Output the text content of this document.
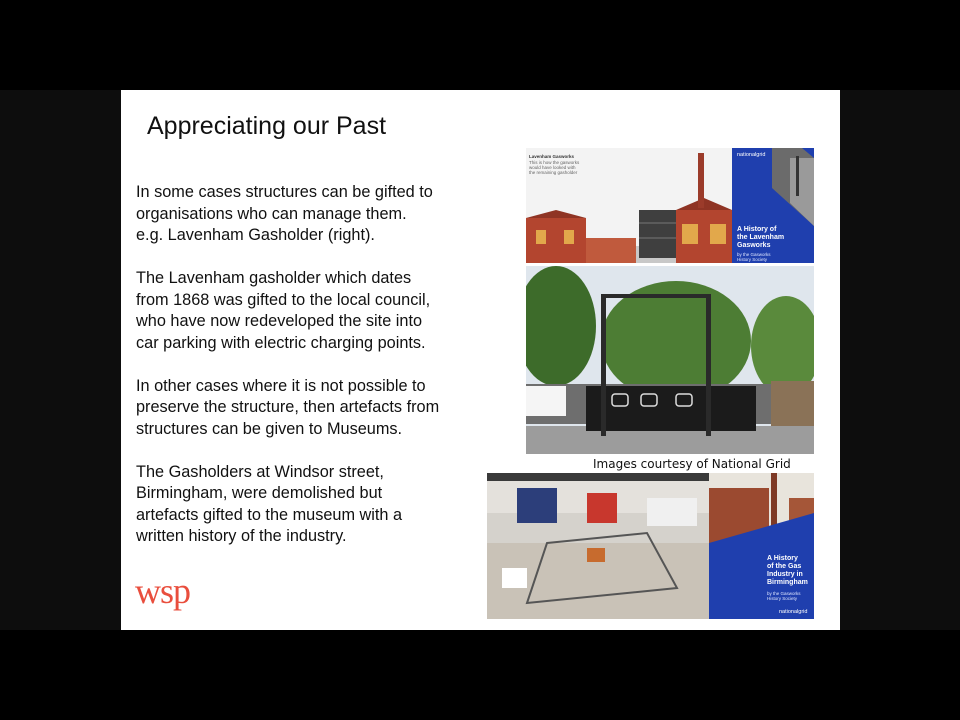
Appreciating our Past

In some cases structures can be gifted to
organisations who can manage them.
e.g. Lavenham Gasholder (right).

The Lavenham gasholder which dates
from 1868 was gifted to the local council,
who have now redeveloped the site into
car parking with electric charging points.

In other cases where it is not possible to
preserve the structure, then artefacts from
structures can be given to Museums.

The Gasholders at Windsor street,
Birmingham, were demolished but
artefacts gifted to the museum with a
written history of the industry.

wsp
Lavenham Gasworks
This is how the gasworks
would have looked with
the remaining gasholder
nationalgrid
A History of
the Lavenham
Gasworks
by the Gasworks
History Society
Images courtesy of National Grid
A History
of the Gas
Industry in
Birmingham
by the Gasworks History Society
nationalgrid
